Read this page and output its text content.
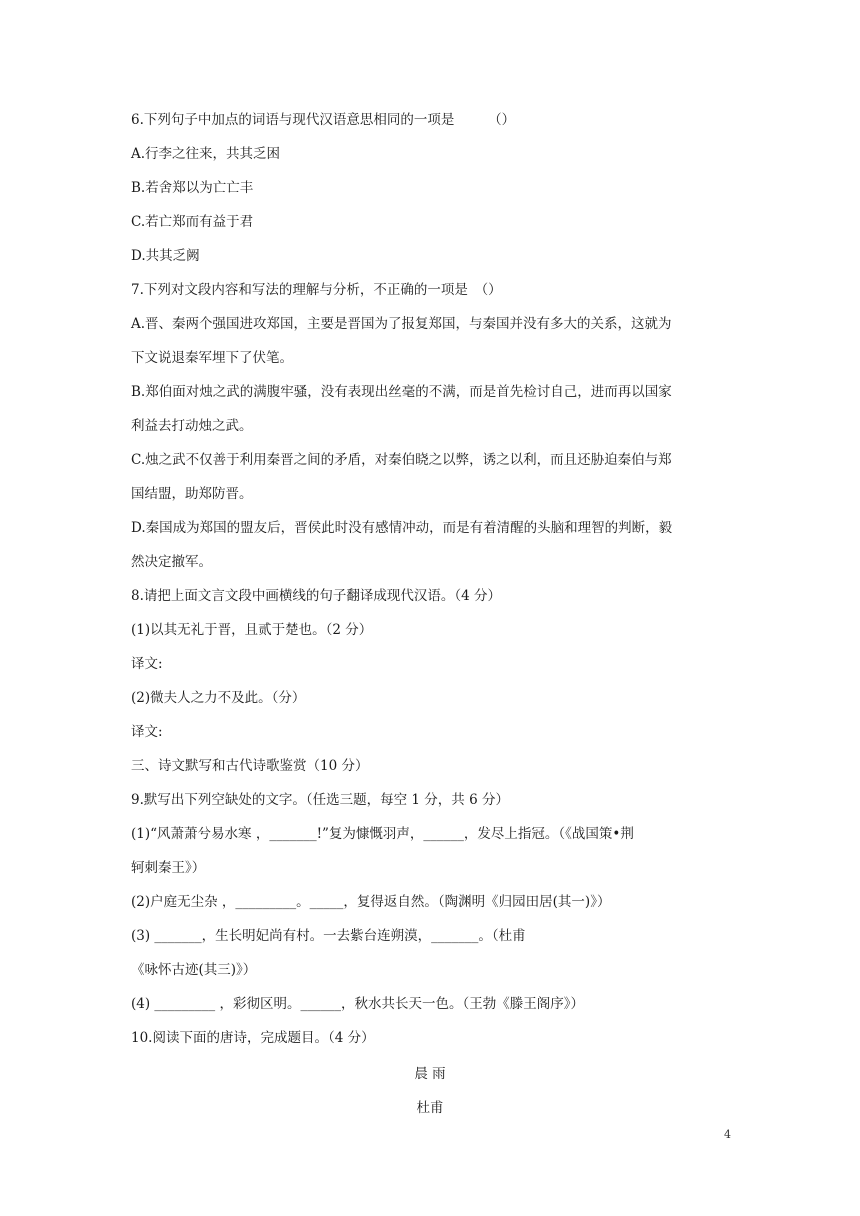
6.下列句子中加点的词语与现代汉语意思相同的一项是　　　（）
A.行李之往来，共其乏困
B.若舍郑以为亡亡丰
C.若亡郑而有益于君
D.共其乏阙
7.下列对文段内容和写法的理解与分析，不正确的一项是　（）
A.晋、秦两个强国进攻郑国，主要是晋国为了报复郑国，与秦国并没有多大的关系，这就为
下文说退秦军埋下了伏笔。
B.郑伯面对烛之武的满腹牢骚，没有表现出丝毫的不满，而是首先检讨自己，进而再以国家
利益去打动烛之武。
C.烛之武不仅善于利用秦晋之间的矛盾，对秦伯晓之以弊，诱之以利，而且还胁迫秦伯与郑
国结盟，助郑防晋。
D.秦国成为郑国的盟友后，晋侯此时没有感情冲动，而是有着清醒的头脑和理智的判断，毅
然决定撤军。
8.请把上面文言文段中画横线的句子翻译成现代汉语。（4 分）
(1)以其无礼于晋，且贰于楚也。（2 分）
译文:
(2)微夫人之力不及此。（分）
译文:
三、诗文默写和古代诗歌鉴赏（10 分）
9.默写出下列空缺处的文字。（任选三题，每空 1 分，共 6 分）
(1)“风萧萧兮易水寒 ，_______!”复为慷慨羽声，______，发尽上指冠。（《战国策•荆
轲刺秦王》）
(2)户庭无尘杂 ，_________。_____，复得返自然。（陶渊明《归园田居(其一)》）
(3) _______，生长明妃尚有村。一去紫台连朔漠，_______。（杜甫
《咏怀古迹(其三)》）
(4) _________ ，彩彻区明。______，秋水共长天一色。（王勃《滕王阁序》）
10.阅读下面的唐诗，完成题目。（4 分）
晨 雨
杜甫
4
